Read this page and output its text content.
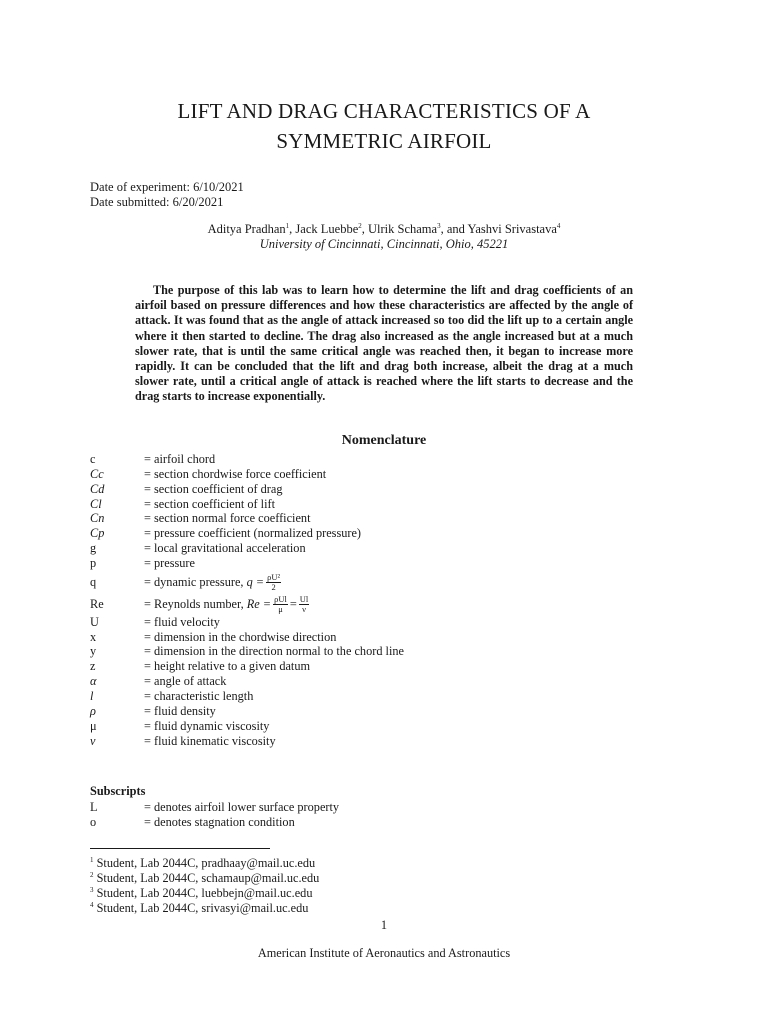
LIFT AND DRAG CHARACTERISTICS OF A
SYMMETRIC AIRFOIL
Date of experiment: 6/10/2021
Date submitted: 6/20/2021
Aditya Pradhan$^1$, Jack Luebbe$^2$, Ulrik Schama$^3$, and Yashvi Srivastava$^4$
University of Cincinnati, Cincinnati, Ohio, 45221
The purpose of this lab was to learn how to determine the lift and drag coefficients of an airfoil based on pressure differences and how these characteristics are affected by the angle of attack. It was found that as the angle of attack increased so too did the lift up to a certain angle where it then started to decline. The drag also increased as the angle increased but at a much slower rate, that is until the same critical angle was reached then, it began to increase more rapidly. It can be concluded that the lift and drag both increase, albeit the drag at a much slower rate, until a critical angle of attack is reached where the lift starts to decrease and the drag starts to increase exponentially.
Nomenclature
c	= airfoil chord
Cc	= section chordwise force coefficient
Cd	= section coefficient of drag
Cl	= section coefficient of lift
Cn	= section normal force coefficient
Cp	= pressure coefficient (normalized pressure)
g	= local gravitational acceleration
p	= pressure
q	= dynamic pressure, $q = \frac{\text{ρU²}}{2}$
Re	= Reynolds number, $Re = \frac{\text{ρUl}}{\mu} = \frac{Ul}{\nu}$
U	= fluid velocity
x	= dimension in the chordwise direction
y	= dimension in the direction normal to the chord line
z	= height relative to a given datum
α	= angle of attack
l	= characteristic length
ρ	= fluid density
μ	= fluid dynamic viscosity
ν	= fluid kinematic viscosity
Subscripts
L	= denotes airfoil lower surface property
o	= denotes stagnation condition
$^1$ Student, Lab 2044C, pradhaay@mail.uc.edu
$^2$ Student, Lab 2044C, schamaup@mail.uc.edu
$^3$ Student, Lab 2044C, luebbejn@mail.uc.edu
$^4$ Student, Lab 2044C, srivasyi@mail.uc.edu
1
American Institute of Aeronautics and Astronautics
